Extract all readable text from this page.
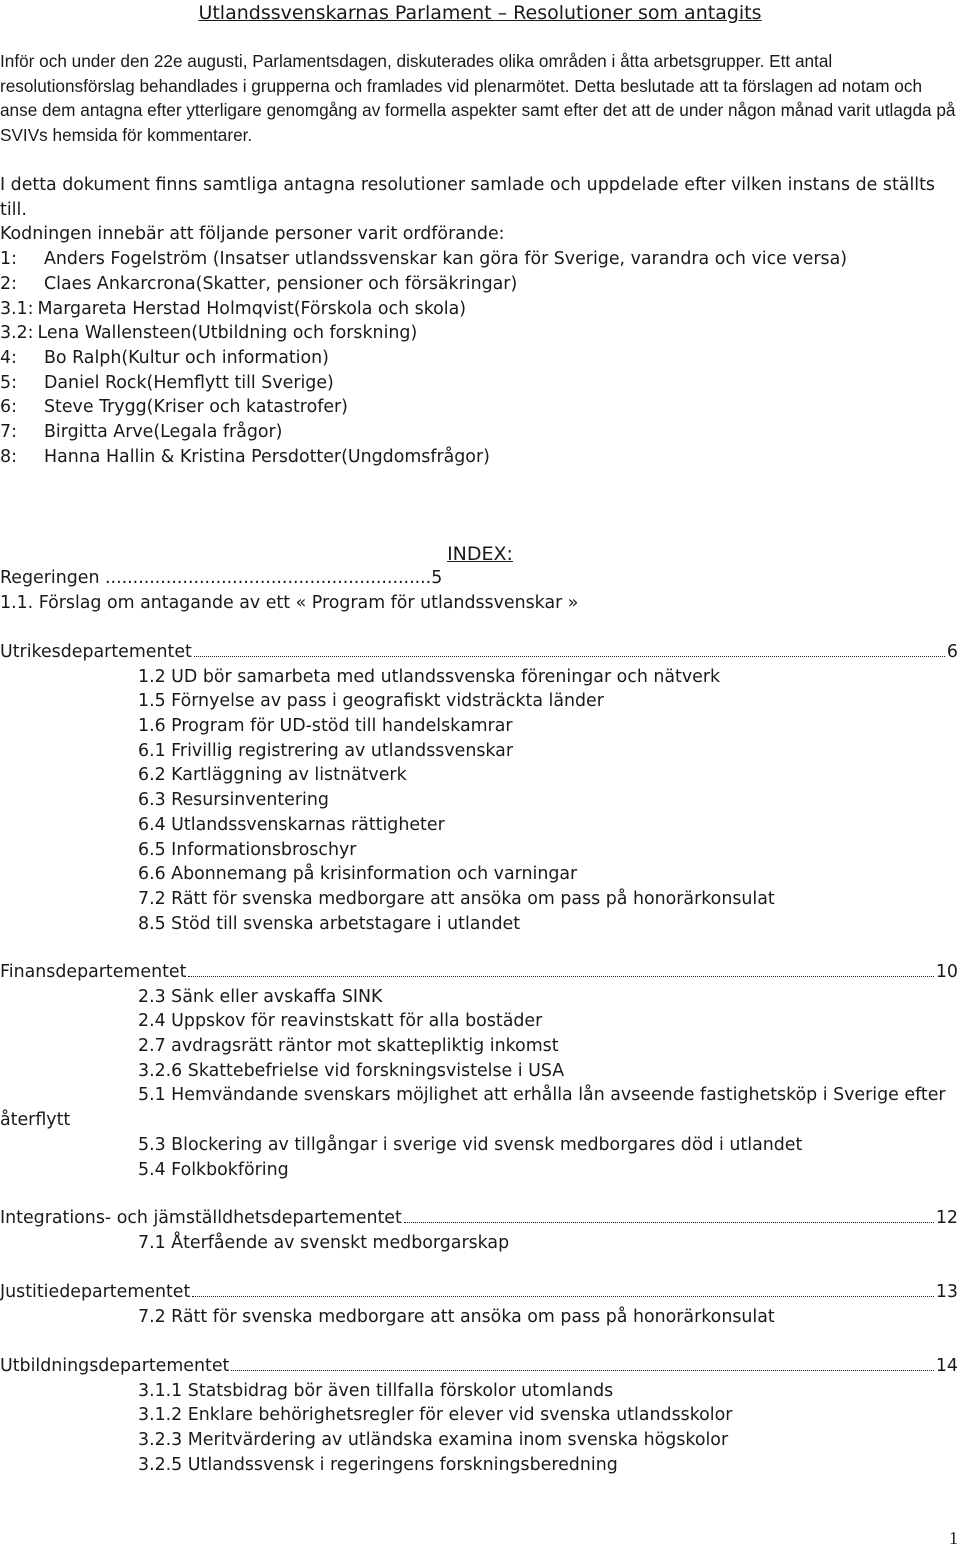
Utlandssvenskarnas Parlament – Resolutioner som antagits

Inför och under den 22e augusti, Parlamentsdagen, diskuterades olika områden i åtta arbetsgrupper. Ett antal resolutionsförslag behandlades i grupperna och framlades vid plenarmötet. Detta beslutade att ta förslagen ad notam och anse dem antagna efter ytterligare genomgång av formella aspekter samt efter det att de under någon månad varit utlagda på SVIVs hemsida för kommentarer.

I detta dokument finns samtliga antagna resolutioner samlade och uppdelade efter vilken instans de ställts till.

Kodningen innebär att följande personer varit ordförande:

1:	Anders Fogelström (Insatser utlandssvenskar kan göra för Sverige, varandra och vice versa)
2:	Claes Ankarcrona(Skatter, pensioner och försäkringar)
3.1: Margareta Herstad Holmqvist(Förskola och skola)
3.2: Lena Wallensteen(Utbildning och forskning)
4:	Bo Ralph(Kultur och information)
5:	Daniel Rock(Hemflytt till Sverige)
6:	Steve Trygg(Kriser och katastrofer)
7:	Birgitta Arve(Legala frågor)
8:	Hanna Hallin & Kristina Persdotter(Ungdomsfrågor)
INDEX:
Regeringen ...........................................................5
1.1. Förslag om antagande av ett « Program för utlandssvenskar »
Utrikesdepartementet	6
1.2 UD bör samarbeta med utlandssvenska föreningar och nätverk
1.5 Förnyelse av pass i geografiskt vidsträckta länder
1.6 Program för UD-stöd till handelskamrar
6.1 Frivillig registrering av utlandssvenskar
6.2 Kartläggning av listnätverk
6.3 Resursinventering
6.4 Utlandssvenskarnas rättigheter
6.5 Informationsbroschyr
6.6 Abonnemang på krisinformation och varningar
7.2 Rätt för svenska medborgare att ansöka om pass på honorärkonsulat
8.5 Stöd till svenska arbetstagare i utlandet
Finansdepartementet	10
2.3 Sänk eller avskaffa SINK
2.4 Uppskov för reavinstskatt för alla bostäder
2.7 avdragsrätt räntor mot skattepliktig inkomst
3.2.6 Skattebefrielse vid forskningsvistelse i USA
5.1 Hemvändande svenskars möjlighet att erhålla lån avseende fastighetsköp i Sverige efter återflytt
5.3 Blockering av tillgångar i sverige vid svensk medborgares död i utlandet
5.4 Folkbokföring
Integrations- och jämställdhetsdepartementet	12
7.1 Återfående av svenskt medborgarskap
Justitiedepartementet	13
7.2 Rätt för svenska medborgare att ansöka om pass på honorärkonsulat
Utbildningsdepartementet	14
3.1.1 Statsbidrag bör även tillfalla förskolor utomlands
3.1.2 Enklare behörighetsregler för elever vid svenska utlandsskolor
3.2.3 Meritvärdering av utländska examina inom svenska högskolor
3.2.5 Utlandssvensk i regeringens forskningsberedning
1
